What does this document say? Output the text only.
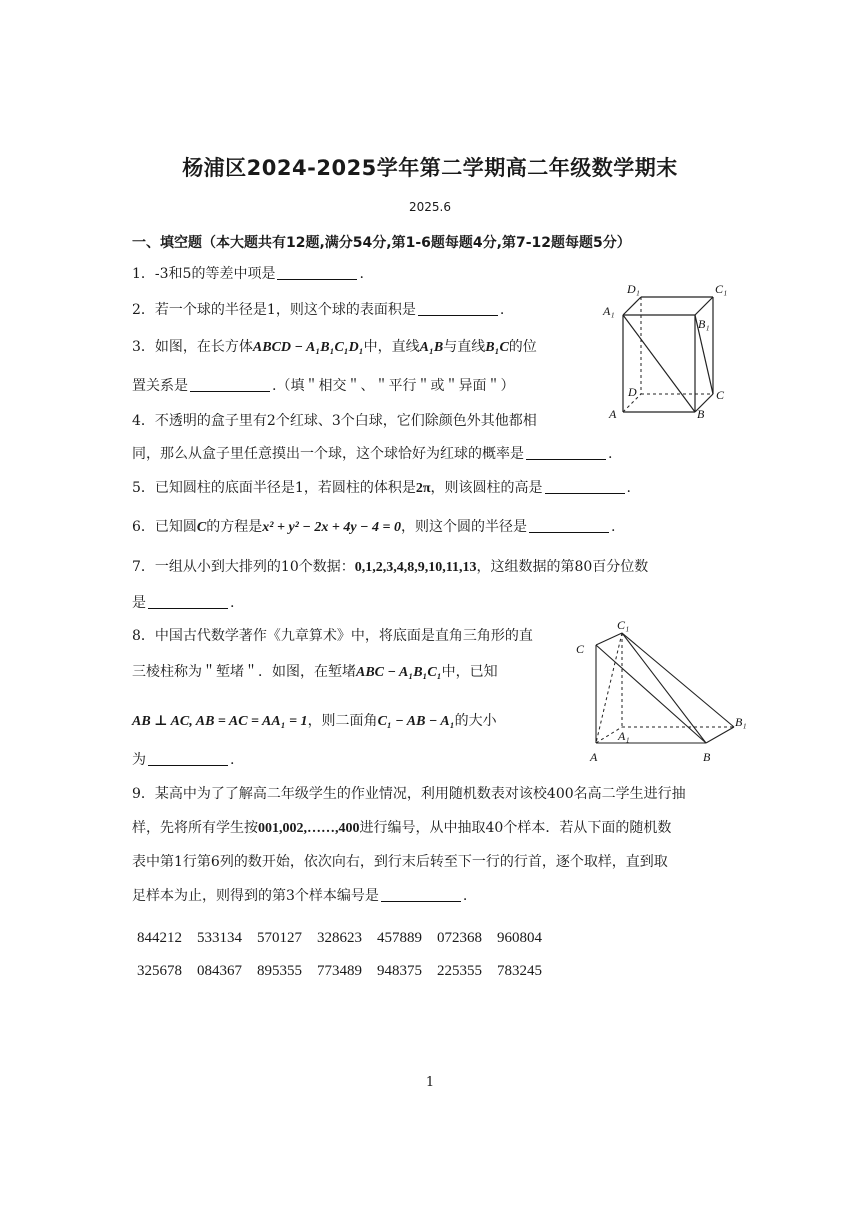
杨浦区2024-2025学年第二学期高二年级数学期末
2025.6
一、填空题（本大题共有12题,满分54分,第1-6题每题4分,第7-12题每题5分）
1．-3和5的等差中项是	.
2．若一个球的半径是1，则这个球的表面积是	.
3．如图，在长方体ABCD − A₁B₁C₁D₁中，直线A₁B与直线B₁C的位
置关系是	.（填＂相交＂、＂平行＂或＂异面＂）
4．不透明的盒子里有2个红球、3个白球，它们除颜色外其他都相
同，那么从盒子里任意摸出一个球，这个球恰好为红球的概率是	.
5．已知圆柱的底面半径是1，若圆柱的体积是2π，则该圆柱的高是	.
6．已知圆C的方程是x² + y² − 2x + 4y − 4 = 0，则这个圆的半径是	.
7．一组从小到大排列的10个数据：0,1,2,3,4,8,9,10,11,13，这组数据的第80百分位数
是	.
8．中国古代数学著作《九章算术》中，将底面是直角三角形的直
三棱柱称为＂堑堵＂．如图，在堑堵ABC − A₁B₁C₁中，已知
AB ⊥ AC, AB = AC = AA₁ = 1，则二面角C₁ − AB − A₁的大小
为	.
9．某高中为了了解高二年级学生的作业情况，利用随机数表对该校400名高二学生进行抽
样，先将所有学生按001,002,……,400进行编号，从中抽取40个样本．若从下面的随机数
表中第1行第6列的数开始，依次向右，到行末后转至下一行的行首，逐个取样，直到取
足样本为止，则得到的第3个样本编号是	.
844212 533134 570127 328623 457889 072368 960804
325678 084367 895355 773489 948375 225355 783245
D₁	C₁
A₁
B₁
D	C
A	B
C₁
C
B₁
A₁
A	B
1
